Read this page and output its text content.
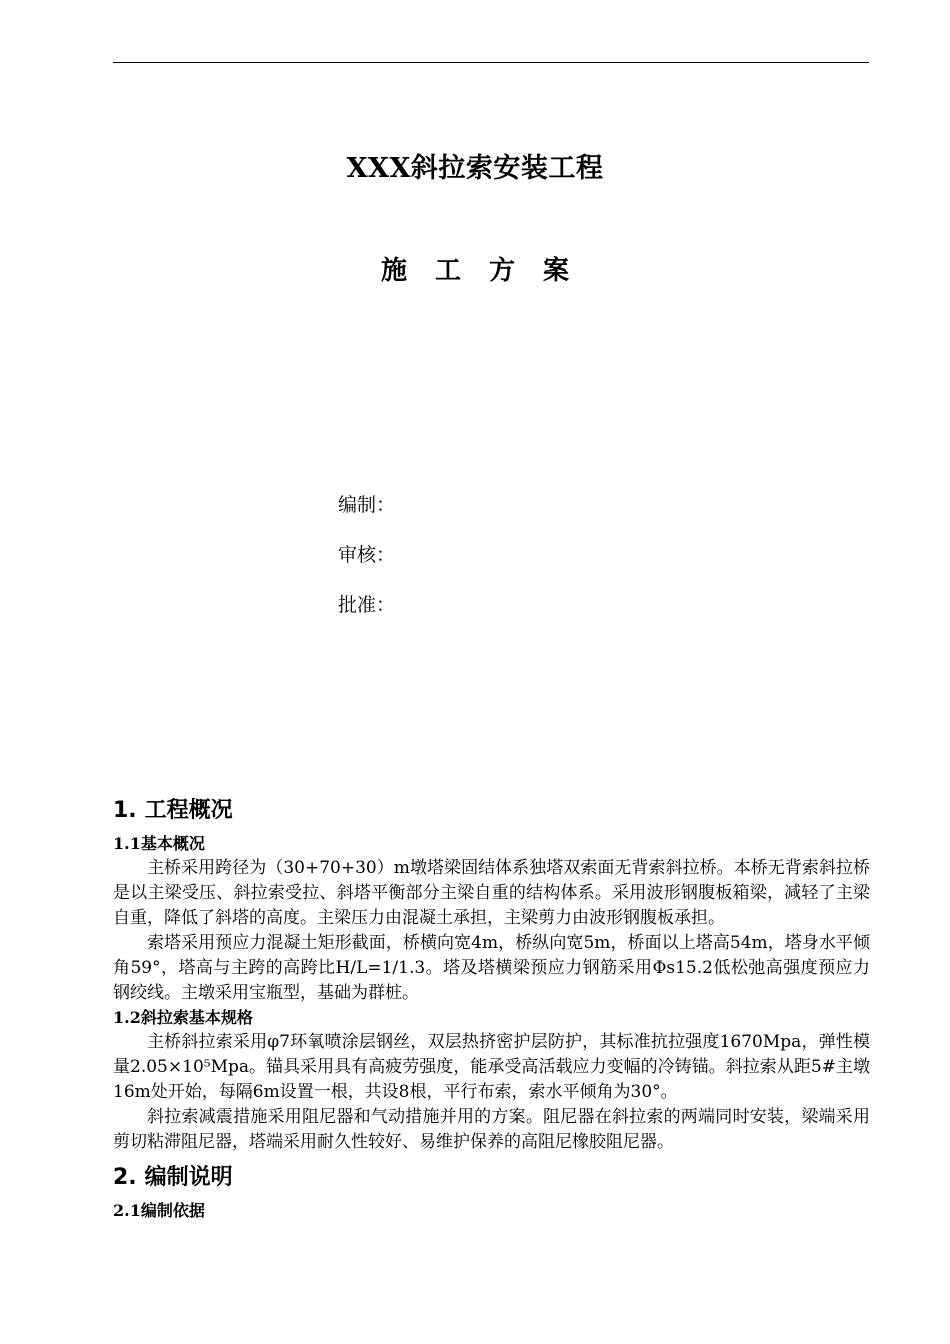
XXX斜拉索安装工程
施工方案
编制：
审核：
批准：
1. 工程概况
1.1基本概况

主桥采用跨径为（30+70+30）m墩塔梁固结体系独塔双索面无背索斜拉桥。本桥无背索斜拉桥是以主梁受压、斜拉索受拉、斜塔平衡部分主梁自重的结构体系。采用波形钢腹板箱梁，减轻了主梁自重，降低了斜塔的高度。主梁压力由混凝土承担，主梁剪力由波形钢腹板承担。

索塔采用预应力混凝土矩形截面，桥横向宽4m，桥纵向宽5m，桥面以上塔高54m，塔身水平倾角59°，塔高与主跨的高跨比H/L=1/1.3。塔及塔横梁预应力钢筋采用Φs15.2低松弛高强度预应力钢绞线。主墩采用宝瓶型，基础为群桩。

1.2斜拉索基本规格

主桥斜拉索采用φ7环氧喷涂层钢丝，双层热挤密护层防护，其标准抗拉强度1670Mpa，弹性模量2.05×10⁵Mpa。锚具采用具有高疲劳强度，能承受高活载应力变幅的冷铸锚。斜拉索从距5#主墩16m处开始，每隔6m设置一根，共设8根，平行布索，索水平倾角为30°。

斜拉索减震措施采用阻尼器和气动措施并用的方案。阻尼器在斜拉索的两端同时安装，梁端采用剪切粘滞阻尼器，塔端采用耐久性较好、易维护保养的高阻尼橡胶阻尼器。

2. 编制说明
2.1编制依据
